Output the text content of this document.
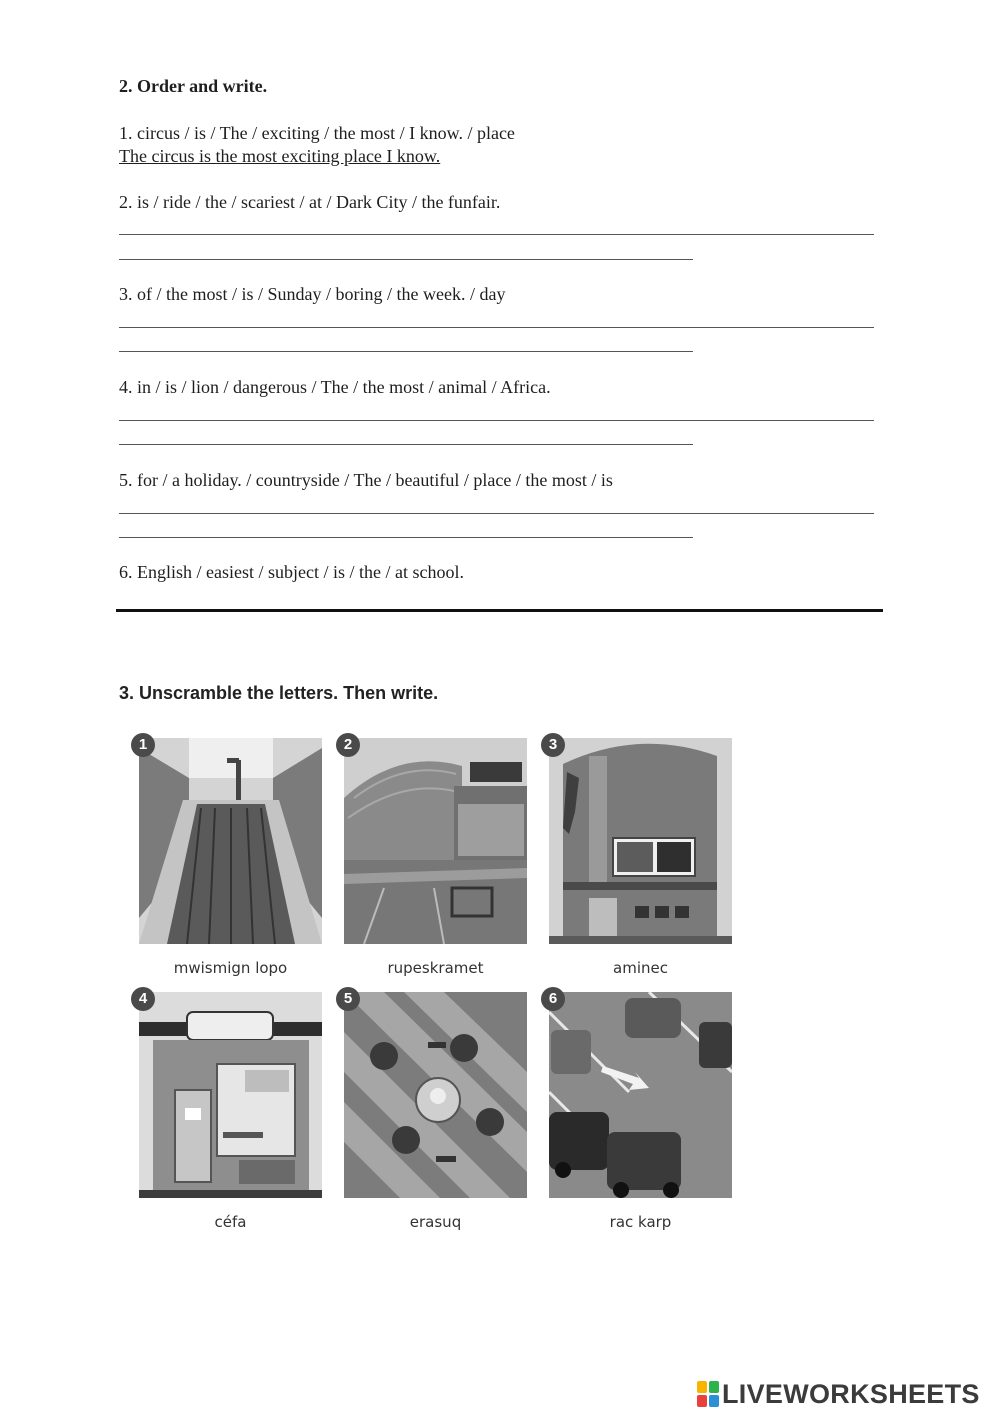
2. Order and write.
1. circus / is / The / exciting / the most / I know. / place
The circus is the most exciting place I know.
2. is / ride / the / scariest / at / Dark City / the funfair.
3. of / the most / is / Sunday / boring / the week. / day
4. in / is / lion / dangerous / The / the most / animal / Africa.
5. for / a holiday. / countryside / The / beautiful / place / the most / is
6. English / easiest / subject / is / the / at school.
3. Unscramble the letters. Then write.
1
mwismign lopo
2
rupeskramet
3
aminec
4
céfa
5
erasuq
6
rac karp
LIVEWORKSHEETS
